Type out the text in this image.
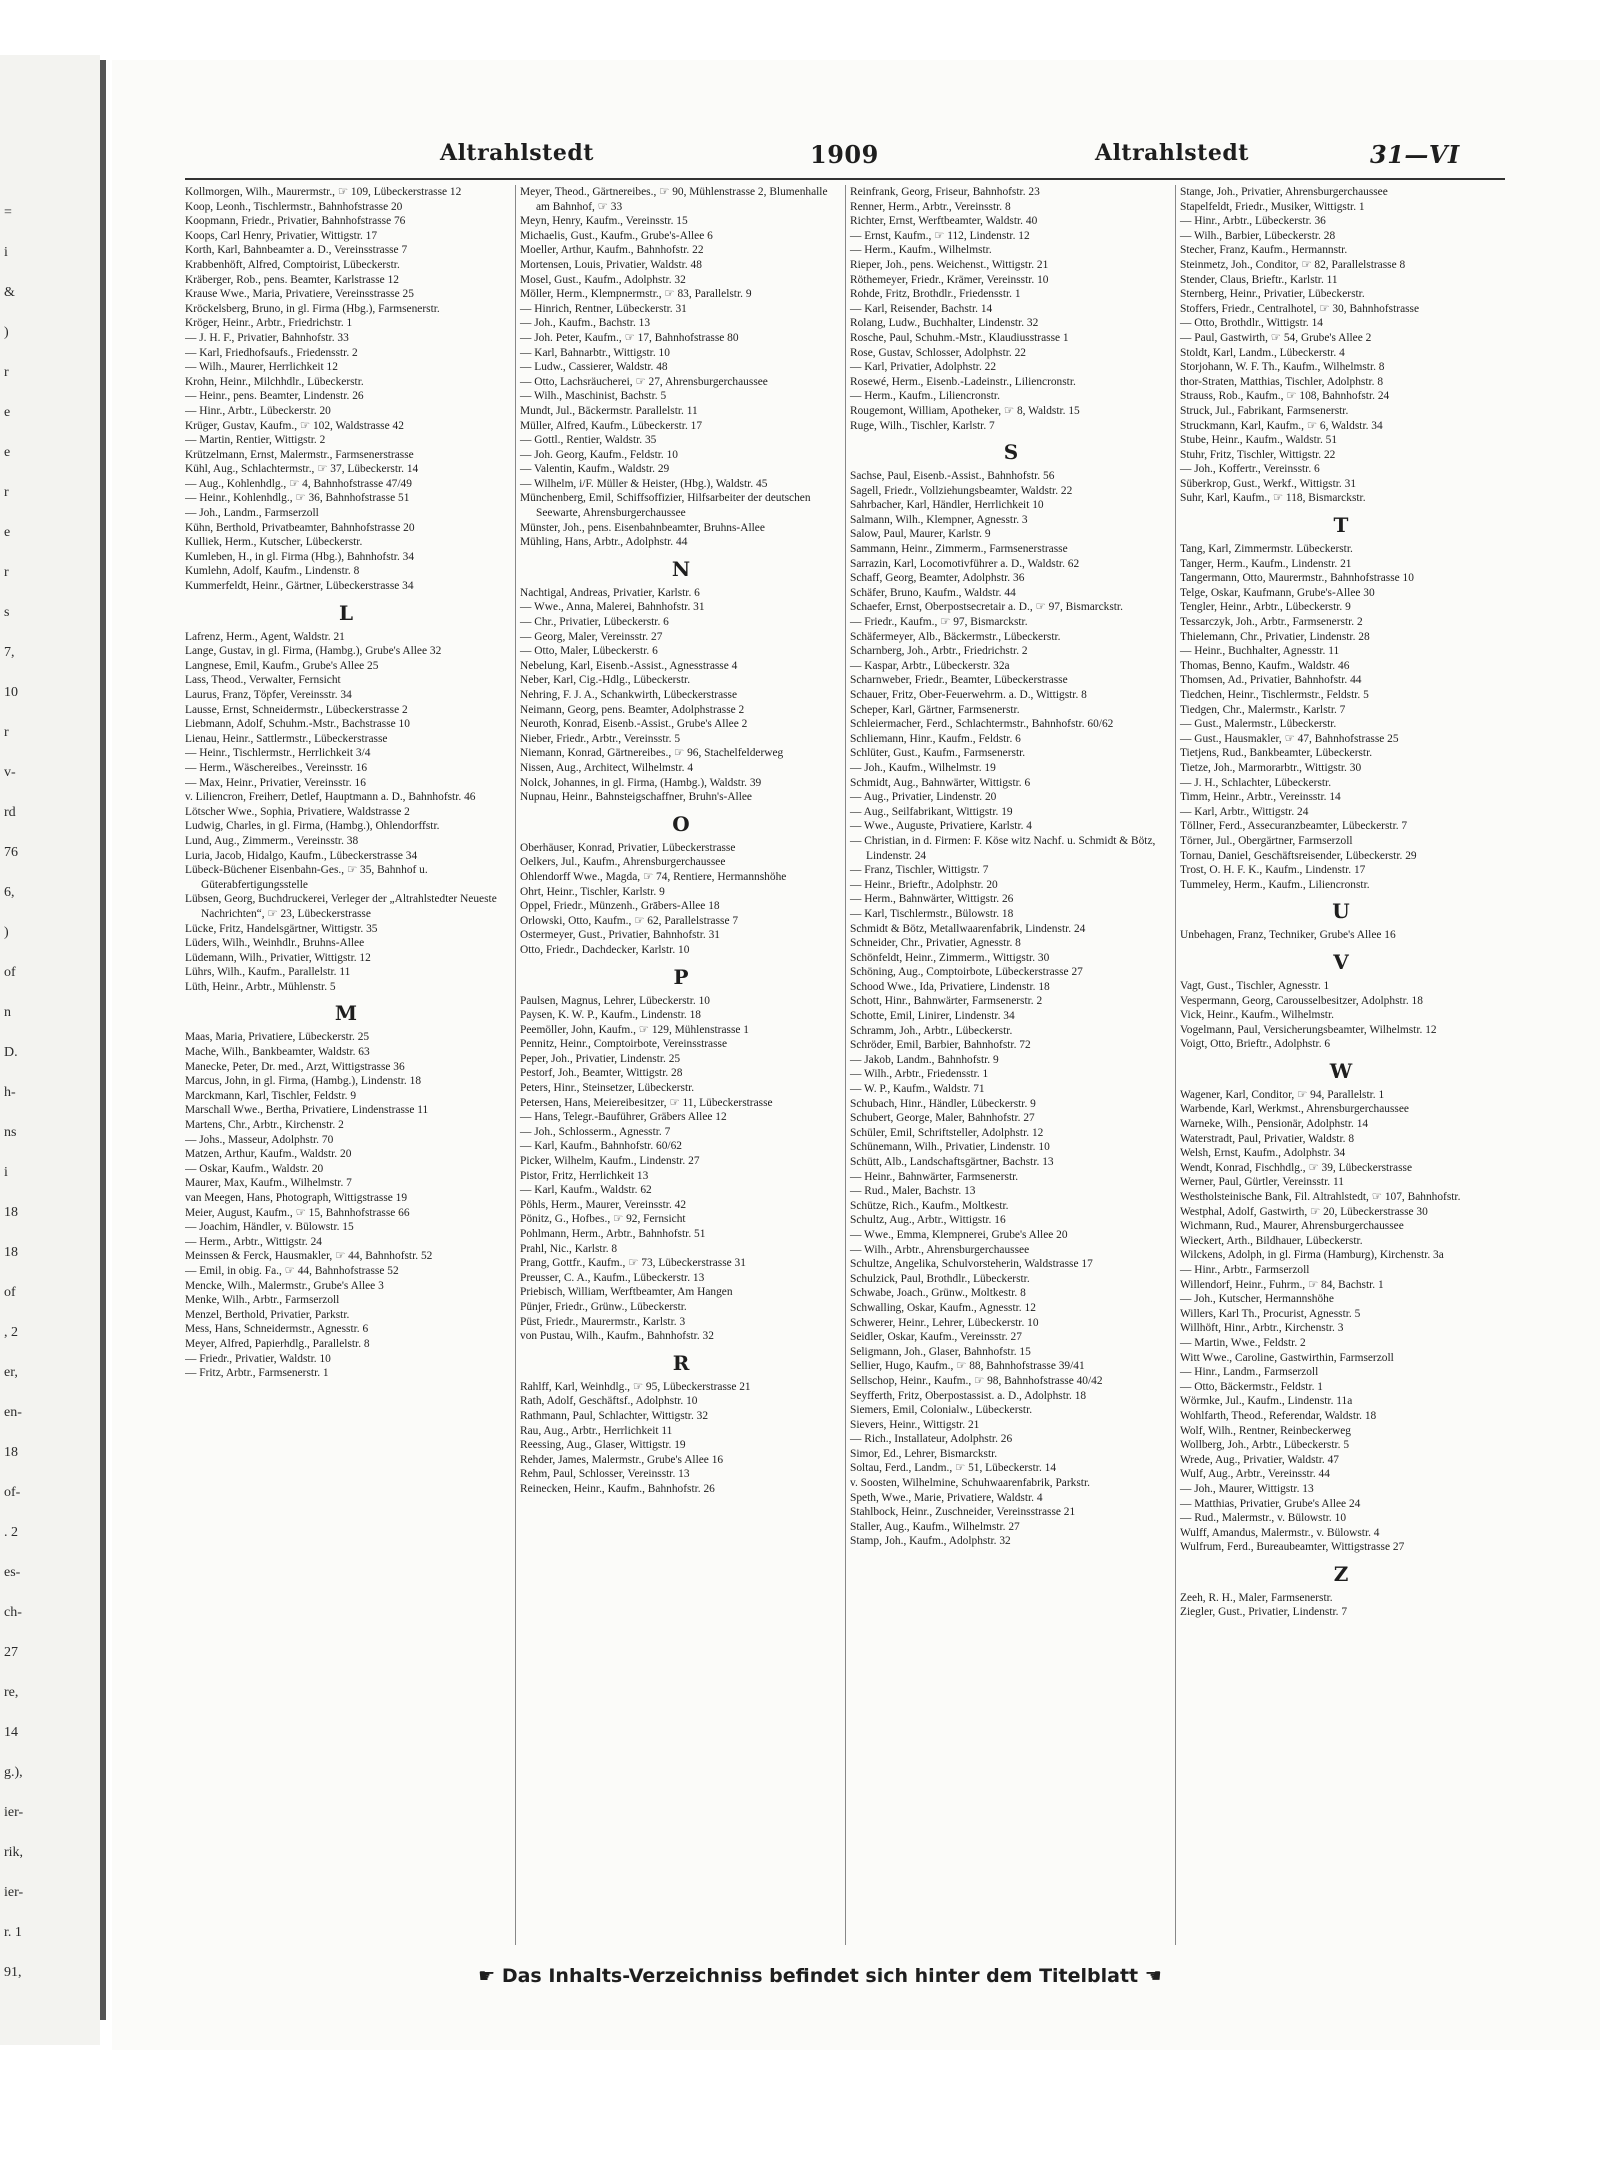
=
i
&
)
r
e
e
r
e
r
s
7,
10
r
v-
rd
76
6,
)
of
n
D.
h-
ns
i
18
18
of
, 2
er,
en-
18
of-
. 2
es-
ch-
27
re,
14
g.),
ier-
rik,
ier-
r. 1
91,
Altrahlstedt	1909	Altrahlstedt	31—VI
Kollmorgen, Wilh., Maurermstr., ☞ 109, Lübeckerstrasse 12
Koop, Leonh., Tischlermstr., Bahnhofstrasse 20
Koopmann, Friedr., Privatier, Bahnhofstrasse 76
Koops, Carl Henry, Privatier, Wittigstr. 17
Korth, Karl, Bahnbeamter a. D., Vereinsstrasse 7
Krabbenhöft, Alfred, Comptoirist, Lübeckerstr.
Kräberger, Rob., pens. Beamter, Karlstrasse 12
Krause Wwe., Maria, Privatiere, Vereinsstrasse 25
Kröckelsberg, Bruno, in gl. Firma (Hbg.), Farmsenerstr.
Kröger, Heinr., Arbtr., Friedrichstr. 1
— J. H. F., Privatier, Bahnhofstr. 33
— Karl, Friedhofsaufs., Friedensstr. 2
— Wilh., Maurer, Herrlichkeit 12
Krohn, Heinr., Milchhdlr., Lübeckerstr.
— Heinr., pens. Beamter, Lindenstr. 26
— Hinr., Arbtr., Lübeckerstr. 20
Krüger, Gustav, Kaufm., ☞ 102, Waldstrasse 42
— Martin, Rentier, Wittigstr. 2
Krützelmann, Ernst, Malermstr., Farmsenerstrasse
Kühl, Aug., Schlachtermstr., ☞ 37, Lübeckerstr. 14
— Aug., Kohlenhdlg., ☞ 4, Bahnhofstrasse 47/49
— Heinr., Kohlenhdlg., ☞ 36, Bahnhofstrasse 51
— Joh., Landm., Farmserzoll
Kühn, Berthold, Privatbeamter, Bahnhofstrasse 20
Kulliek, Herm., Kutscher, Lübeckerstr.
Kumleben, H., in gl. Firma (Hbg.), Bahnhofstr. 34
Kumlehn, Adolf, Kaufm., Lindenstr. 8
Kummerfeldt, Heinr., Gärtner, Lübeckerstrasse 34
L
Lafrenz, Herm., Agent, Waldstr. 21
Lange, Gustav, in gl. Firma, (Hambg.), Grube's Allee 32
Langnese, Emil, Kaufm., Grube's Allee 25
Lass, Theod., Verwalter, Fernsicht
Laurus, Franz, Töpfer, Vereinsstr. 34
Lausse, Ernst, Schneidermstr., Lübeckerstrasse 2
Liebmann, Adolf, Schuhm.-Mstr., Bachstrasse 10
Lienau, Heinr., Sattlermstr., Lübeckerstrasse
— Heinr., Tischlermstr., Herrlichkeit 3/4
— Herm., Wäschereibes., Vereinsstr. 16
— Max, Heinr., Privatier, Vereinsstr. 16
v. Liliencron, Freiherr, Detlef, Hauptmann a. D., Bahnhofstr. 46
Lötscher Wwe., Sophia, Privatiere, Waldstrasse 2
Ludwig, Charles, in gl. Firma, (Hambg.), Ohlendorffstr.
Lund, Aug., Zimmerm., Vereinsstr. 38
Luria, Jacob, Hidalgo, Kaufm., Lübeckerstrasse 34
Lübeck-Büchener Eisenbahn-Ges., ☞ 35, Bahnhof u. Güterabfertigungsstelle
Lübsen, Georg, Buchdruckerei, Verleger der „Altrahlstedter Neueste Nachrichten“, ☞ 23, Lübeckerstrasse
Lücke, Fritz, Handelsgärtner, Wittigstr. 35
Lüders, Wilh., Weinhdlr., Bruhns-Allee
Lüdemann, Wilh., Privatier, Wittigstr. 12
Lührs, Wilh., Kaufm., Parallelstr. 11
Lüth, Heinr., Arbtr., Mühlenstr. 5
M
Maas, Maria, Privatiere, Lübeckerstr. 25
Mache, Wilh., Bankbeamter, Waldstr. 63
Manecke, Peter, Dr. med., Arzt, Wittigstrasse 36
Marcus, John, in gl. Firma, (Hambg.), Lindenstr. 18
Marckmann, Karl, Tischler, Feldstr. 9
Marschall Wwe., Bertha, Privatiere, Lindenstrasse 11
Martens, Chr., Arbtr., Kirchenstr. 2
— Johs., Masseur, Adolphstr. 70
Matzen, Arthur, Kaufm., Waldstr. 20
— Oskar, Kaufm., Waldstr. 20
Maurer, Max, Kaufm., Wilhelmstr. 7
van Meegen, Hans, Photograph, Wittigstrasse 19
Meier, August, Kaufm., ☞ 15, Bahnhofstrasse 66
— Joachim, Händler, v. Bülowstr. 15
— Herm., Arbtr., Wittigstr. 24
Meinssen & Ferck, Hausmakler, ☞ 44, Bahnhofstr. 52
— Emil, in obig. Fa., ☞ 44, Bahnhofstrasse 52
Mencke, Wilh., Malermstr., Grube's Allee 3
Menke, Wilh., Arbtr., Farmserzoll
Menzel, Berthold, Privatier, Parkstr.
Mess, Hans, Schneidermstr., Agnesstr. 6
Meyer, Alfred, Papierhdlg., Parallelstr. 8
— Friedr., Privatier, Waldstr. 10
— Fritz, Arbtr., Farmsenerstr. 1
Meyer, Theod., Gärtnereibes., ☞ 90, Mühlenstrasse 2, Blumenhalle am Bahnhof, ☞ 33
Meyn, Henry, Kaufm., Vereinsstr. 15
Michaelis, Gust., Kaufm., Grube's-Allee 6
Moeller, Arthur, Kaufm., Bahnhofstr. 22
Mortensen, Louis, Privatier, Waldstr. 48
Mosel, Gust., Kaufm., Adolphstr. 32
Möller, Herm., Klempnermstr., ☞ 83, Parallelstr. 9
— Hinrich, Rentner, Lübeckerstr. 31
— Joh., Kaufm., Bachstr. 13
— Joh. Peter, Kaufm., ☞ 17, Bahnhofstrasse 80
— Karl, Bahnarbtr., Wittigstr. 10
— Ludw., Cassierer, Waldstr. 48
— Otto, Lachsräucherei, ☞ 27, Ahrensburgerchaussee
— Wilh., Maschinist, Bachstr. 5
Mundt, Jul., Bäckermstr. Parallelstr. 11
Müller, Alfred, Kaufm., Lübeckerstr. 17
— Gottl., Rentier, Waldstr. 35
— Joh. Georg, Kaufm., Feldstr. 10
— Valentin, Kaufm., Waldstr. 29
— Wilhelm, i/F. Müller & Heister, (Hbg.), Waldstr. 45
Münchenberg, Emil, Schiffsoffizier, Hilfsarbeiter der deutschen Seewarte, Ahrensburgerchaussee
Münster, Joh., pens. Eisenbahnbeamter, Bruhns-Allee
Mühling, Hans, Arbtr., Adolphstr. 44
N
Nachtigal, Andreas, Privatier, Karlstr. 6
— Wwe., Anna, Malerei, Bahnhofstr. 31
— Chr., Privatier, Lübeckerstr. 6
— Georg, Maler, Vereinsstr. 27
— Otto, Maler, Lübeckerstr. 6
Nebelung, Karl, Eisenb.-Assist., Agnesstrasse 4
Neber, Karl, Cig.-Hdlg., Lübeckerstr.
Nehring, F. J. A., Schankwirth, Lübeckerstrasse
Neimann, Georg, pens. Beamter, Adolphstrasse 2
Neuroth, Konrad, Eisenb.-Assist., Grube's Allee 2
Nieber, Friedr., Arbtr., Vereinsstr. 5
Niemann, Konrad, Gärtnereibes., ☞ 96, Stachelfelderweg
Nissen, Aug., Architect, Wilhelmstr. 4
Nolck, Johannes, in gl. Firma, (Hambg.), Waldstr. 39
Nupnau, Heinr., Bahnsteigschaffner, Bruhn's-Allee
O
Oberhäuser, Konrad, Privatier, Lübeckerstrasse
Oelkers, Jul., Kaufm., Ahrensburgerchaussee
Ohlendorff Wwe., Magda, ☞ 74, Rentiere, Hermannshöhe
Ohrt, Heinr., Tischler, Karlstr. 9
Oppel, Friedr., Münzenh., Grābers-Allee 18
Orlowski, Otto, Kaufm., ☞ 62, Parallelstrasse 7
Ostermeyer, Gust., Privatier, Bahnhofstr. 31
Otto, Friedr., Dachdecker, Karlstr. 10
P
Paulsen, Magnus, Lehrer, Lübeckerstr. 10
Paysen, K. W. P., Kaufm., Lindenstr. 18
Peemöller, John, Kaufm., ☞ 129, Mühlenstrasse 1
Pennitz, Heinr., Comptoirbote, Vereinsstrasse
Peper, Joh., Privatier, Lindenstr. 25
Pestorf, Joh., Beamter, Wittigstr. 28
Peters, Hinr., Steinsetzer, Lübeckerstr.
Petersen, Hans, Meiereibesitzer, ☞ 11, Lübeckerstrasse
— Hans, Telegr.-Bauführer, Gräbers Allee 12
— Joh., Schlosserm., Agnesstr. 7
— Karl, Kaufm., Bahnhofstr. 60/62
Picker, Wilhelm, Kaufm., Lindenstr. 27
Pistor, Fritz, Herrlichkeit 13
— Karl, Kaufm., Waldstr. 62
Pöhls, Herm., Maurer, Vereinsstr. 42
Pönitz, G., Hofbes., ☞ 92, Fernsicht
Pohlmann, Herm., Arbtr., Bahnhofstr. 51
Prahl, Nic., Karlstr. 8
Prang, Gottfr., Kaufm., ☞ 73, Lübeckerstrasse 31
Preusser, C. A., Kaufm., Lübeckerstr. 13
Priebisch, William, Werftbeamter, Am Hangen
Pünjer, Friedr., Grünw., Lübeckerstr.
Püst, Friedr., Maurermstr., Karlstr. 3
von Pustau, Wilh., Kaufm., Bahnhofstr. 32
R
Rahlff, Karl, Weinhdlg., ☞ 95, Lübeckerstrasse 21
Rath, Adolf, Geschäftsf., Adolphstr. 10
Rathmann, Paul, Schlachter, Wittigstr. 32
Rau, Aug., Arbtr., Herrlichkeit 11
Reessing, Aug., Glaser, Wittigstr. 19
Rehder, James, Malermstr., Grube's Allee 16
Rehm, Paul, Schlosser, Vereinsstr. 13
Reinecken, Heinr., Kaufm., Bahnhofstr. 26
Reinfrank, Georg, Friseur, Bahnhofstr. 23
Renner, Herm., Arbtr., Vereinsstr. 8
Richter, Ernst, Werftbeamter, Waldstr. 40
— Ernst, Kaufm., ☞ 112, Lindenstr. 12
— Herm., Kaufm., Wilhelmstr.
Rieper, Joh., pens. Weichenst., Wittigstr. 21
Röthemeyer, Friedr., Krämer, Vereinsstr. 10
Rohde, Fritz, Brothdlr., Friedensstr. 1
— Karl, Reisender, Bachstr. 14
Rolang, Ludw., Buchhalter, Lindenstr. 32
Rosche, Paul, Schuhm.-Mstr., Klaudiusstrasse 1
Rose, Gustav, Schlosser, Adolphstr. 22
— Karl, Privatier, Adolphstr. 22
Rosewé, Herm., Eisenb.-Ladeinstr., Liliencronstr.
— Herm., Kaufm., Liliencronstr.
Rougemont, William, Apotheker, ☞ 8, Waldstr. 15
Ruge, Wilh., Tischler, Karlstr. 7
S
Sachse, Paul, Eisenb.-Assist., Bahnhofstr. 56
Sagell, Friedr., Vollziehungsbeamter, Waldstr. 22
Sahrbacher, Karl, Händler, Herrlichkeit 10
Salmann, Wilh., Klempner, Agnesstr. 3
Salow, Paul, Maurer, Karlstr. 9
Sammann, Heinr., Zimmerm., Farmsenerstrasse
Sarrazin, Karl, Locomotivführer a. D., Waldstr. 62
Schaff, Georg, Beamter, Adolphstr. 36
Schäfer, Bruno, Kaufm., Waldstr. 44
Schaefer, Ernst, Oberpostsecretair a. D., ☞ 97, Bismarckstr.
— Friedr., Kaufm., ☞ 97, Bismarckstr.
Schäfermeyer, Alb., Bäckermstr., Lübeckerstr.
Scharnberg, Joh., Arbtr., Friedrichstr. 2
— Kaspar, Arbtr., Lübeckerstr. 32a
Scharnweber, Friedr., Beamter, Lübeckerstrasse
Schauer, Fritz, Ober-Feuerwehrm. a. D., Wittigstr. 8
Scheper, Karl, Gärtner, Farmsenerstr.
Schleiermacher, Ferd., Schlachtermstr., Bahnhofstr. 60/62
Schliemann, Hinr., Kaufm., Feldstr. 6
Schlüter, Gust., Kaufm., Farmsenerstr.
— Joh., Kaufm., Wilhelmstr. 19
Schmidt, Aug., Bahnwärter, Wittigstr. 6
— Aug., Privatier, Lindenstr. 20
— Aug., Seilfabrikant, Wittigstr. 19
— Wwe., Auguste, Privatiere, Karlstr. 4
— Christian, in d. Firmen: F. Köse witz Nachf. u. Schmidt & Bötz, Lindenstr. 24
— Franz, Tischler, Wittigstr. 7
— Heinr., Brieftr., Adolphstr. 20
— Herm., Bahnwärter, Wittigstr. 26
— Karl, Tischlermstr., Bülowstr. 18
Schmidt & Bötz, Metallwaarenfabrik, Lindenstr. 24
Schneider, Chr., Privatier, Agnesstr. 8
Schönfeldt, Heinr., Zimmerm., Wittigstr. 30
Schöning, Aug., Comptoirbote, Lübeckerstrasse 27
Schood Wwe., Ida, Privatiere, Lindenstr. 18
Schott, Hinr., Bahnwärter, Farmsenerstr. 2
Schotte, Emil, Linirer, Lindenstr. 34
Schramm, Joh., Arbtr., Lübeckerstr.
Schröder, Emil, Barbier, Bahnhofstr. 72
— Jakob, Landm., Bahnhofstr. 9
— Wilh., Arbtr., Friedensstr. 1
— W. P., Kaufm., Waldstr. 71
Schubach, Hinr., Händler, Lübeckerstr. 9
Schubert, George, Maler, Bahnhofstr. 27
Schüler, Emil, Schriftsteller, Adolphstr. 12
Schünemann, Wilh., Privatier, Lindenstr. 10
Schütt, Alb., Landschaftsgärtner, Bachstr. 13
— Heinr., Bahnwärter, Farmsenerstr.
— Rud., Maler, Bachstr. 13
Schütze, Rich., Kaufm., Moltkestr.
Schultz, Aug., Arbtr., Wittigstr. 16
— Wwe., Emma, Klempnerei, Grube's Allee 20
— Wilh., Arbtr., Ahrensburgerchaussee
Schultze, Angelika, Schulvorsteherin, Waldstrasse 17
Schulzick, Paul, Brothdlr., Lübeckerstr.
Schwabe, Joach., Grünw., Moltkestr. 8
Schwalling, Oskar, Kaufm., Agnesstr. 12
Schwerer, Heinr., Lehrer, Lübeckerstr. 10
Seidler, Oskar, Kaufm., Vereinsstr. 27
Seligmann, Joh., Glaser, Bahnhofstr. 15
Sellier, Hugo, Kaufm., ☞ 88, Bahnhofstrasse 39/41
Sellschop, Heinr., Kaufm., ☞ 98, Bahnhofstrasse 40/42
Seyfferth, Fritz, Oberpostassist. a. D., Adolphstr. 18
Siemers, Emil, Colonialw., Lübeckerstr.
Sievers, Heinr., Wittigstr. 21
— Rich., Installateur, Adolphstr. 26
Simor, Ed., Lehrer, Bismarckstr.
Soltau, Ferd., Landm., ☞ 51, Lübeckerstr. 14
v. Soosten, Wilhelmine, Schuhwaarenfabrik, Parkstr.
Speth, Wwe., Marie, Privatiere, Waldstr. 4
Stahlbock, Heinr., Zuschneider, Vereinsstrasse 21
Staller, Aug., Kaufm., Wilhelmstr. 27
Stamp, Joh., Kaufm., Adolphstr. 32
Stange, Joh., Privatier, Ahrensburgerchaussee
Stapelfeldt, Friedr., Musiker, Wittigstr. 1
— Hinr., Arbtr., Lübeckerstr. 36
— Wilh., Barbier, Lübeckerstr. 28
Stecher, Franz, Kaufm., Hermannstr.
Steinmetz, Joh., Conditor, ☞ 82, Parallelstrasse 8
Stender, Claus, Brieftr., Karlstr. 11
Sternberg, Heinr., Privatier, Lübeckerstr.
Stoffers, Friedr., Centralhotel, ☞ 30, Bahnhofstrasse
— Otto, Brothdlr., Wittigstr. 14
— Paul, Gastwirth, ☞ 54, Grube's Allee 2
Stoldt, Karl, Landm., Lübeckerstr. 4
Storjohann, W. F. Th., Kaufm., Wilhelmstr. 8
thor-Straten, Matthias, Tischler, Adolphstr. 8
Strauss, Rob., Kaufm., ☞ 108, Bahnhofstr. 24
Struck, Jul., Fabrikant, Farmsenerstr.
Struckmann, Karl, Kaufm., ☞ 6, Waldstr. 34
Stube, Heinr., Kaufm., Waldstr. 51
Stuhr, Fritz, Tischler, Wittigstr. 22
— Joh., Koffertr., Vereinsstr. 6
Süberkrop, Gust., Werkf., Wittigstr. 31
Suhr, Karl, Kaufm., ☞ 118, Bismarckstr.
T
Tang, Karl, Zimmermstr. Lübeckerstr.
Tanger, Herm., Kaufm., Lindenstr. 21
Tangermann, Otto, Maurermstr., Bahnhofstrasse 10
Telge, Oskar, Kaufmann, Grube's-Allee 30
Tengler, Heinr., Arbtr., Lübeckerstr. 9
Tessarczyk, Joh., Arbtr., Farmsenerstr. 2
Thielemann, Chr., Privatier, Lindenstr. 28
— Heinr., Buchhalter, Agnesstr. 11
Thomas, Benno, Kaufm., Waldstr. 46
Thomsen, Ad., Privatier, Bahnhofstr. 44
Tiedchen, Heinr., Tischlermstr., Feldstr. 5
Tiedgen, Chr., Malermstr., Karlstr. 7
— Gust., Malermstr., Lübeckerstr.
— Gust., Hausmakler, ☞ 47, Bahnhofstrasse 25
Tietjens, Rud., Bankbeamter, Lübeckerstr.
Tietze, Joh., Marmorarbtr., Wittigstr. 30
— J. H., Schlachter, Lübeckerstr.
Timm, Heinr., Arbtr., Vereinsstr. 14
— Karl, Arbtr., Wittigstr. 24
Töllner, Ferd., Assecuranzbeamter, Lübeckerstr. 7
Törner, Jul., Obergärtner, Farmserzoll
Tornau, Daniel, Geschäftsreisender, Lübeckerstr. 29
Trost, O. H. F. K., Kaufm., Lindenstr. 17
Tummeley, Herm., Kaufm., Liliencronstr.
U
Unbehagen, Franz, Techniker, Grube's Allee 16
V
Vagt, Gust., Tischler, Agnesstr. 1
Vespermann, Georg, Carousselbesitzer, Adolphstr. 18
Vick, Heinr., Kaufm., Wilhelmstr.
Vogelmann, Paul, Versicherungsbeamter, Wilhelmstr. 12
Voigt, Otto, Brieftr., Adolphstr. 6
W
Wagener, Karl, Conditor, ☞ 94, Parallelstr. 1
Warbende, Karl, Werkmst., Ahrensburgerchaussee
Warneke, Wilh., Pensionär, Adolphstr. 14
Waterstradt, Paul, Privatier, Waldstr. 8
Welsh, Ernst, Kaufm., Adolphstr. 34
Wendt, Konrad, Fischhdlg., ☞ 39, Lübeckerstrasse
Werner, Paul, Gürtler, Vereinsstr. 11
Westholsteinische Bank, Fil. Altrahlstedt, ☞ 107, Bahnhofstr.
Westphal, Adolf, Gastwirth, ☞ 20, Lübeckerstrasse 30
Wichmann, Rud., Maurer, Ahrensburgerchaussee
Wieckert, Arth., Bildhauer, Lübeckerstr.
Wilckens, Adolph, in gl. Firma (Hamburg), Kirchenstr. 3a
— Hinr., Arbtr., Farmserzoll
Willendorf, Heinr., Fuhrm., ☞ 84, Bachstr. 1
— Joh., Kutscher, Hermannshöhe
Willers, Karl Th., Procurist, Agnesstr. 5
Willhöft, Hinr., Arbtr., Kirchenstr. 3
— Martin, Wwe., Feldstr. 2
Witt Wwe., Caroline, Gastwirthin, Farmserzoll
— Hinr., Landm., Farmserzoll
— Otto, Bäckermstr., Feldstr. 1
Wörmke, Jul., Kaufm., Lindenstr. 11a
Wohlfarth, Theod., Referendar, Waldstr. 18
Wolf, Wilh., Rentner, Reinbeckerweg
Wollberg, Joh., Arbtr., Lübeckerstr. 5
Wrede, Aug., Privatier, Waldstr. 47
Wulf, Aug., Arbtr., Vereinsstr. 44
— Joh., Maurer, Wittigstr. 13
— Matthias, Privatier, Grube's Allee 24
— Rud., Malermstr., v. Bülowstr. 10
Wulff, Amandus, Malermstr., v. Bülowstr. 4
Wulfrum, Ferd., Bureaubeamter, Wittigstrasse 27
Z
Zeeh, R. H., Maler, Farmsenerstr.
Ziegler, Gust., Privatier, Lindenstr. 7
☛ Das Inhalts-Verzeichniss befindet sich hinter dem Titelblatt ☚
